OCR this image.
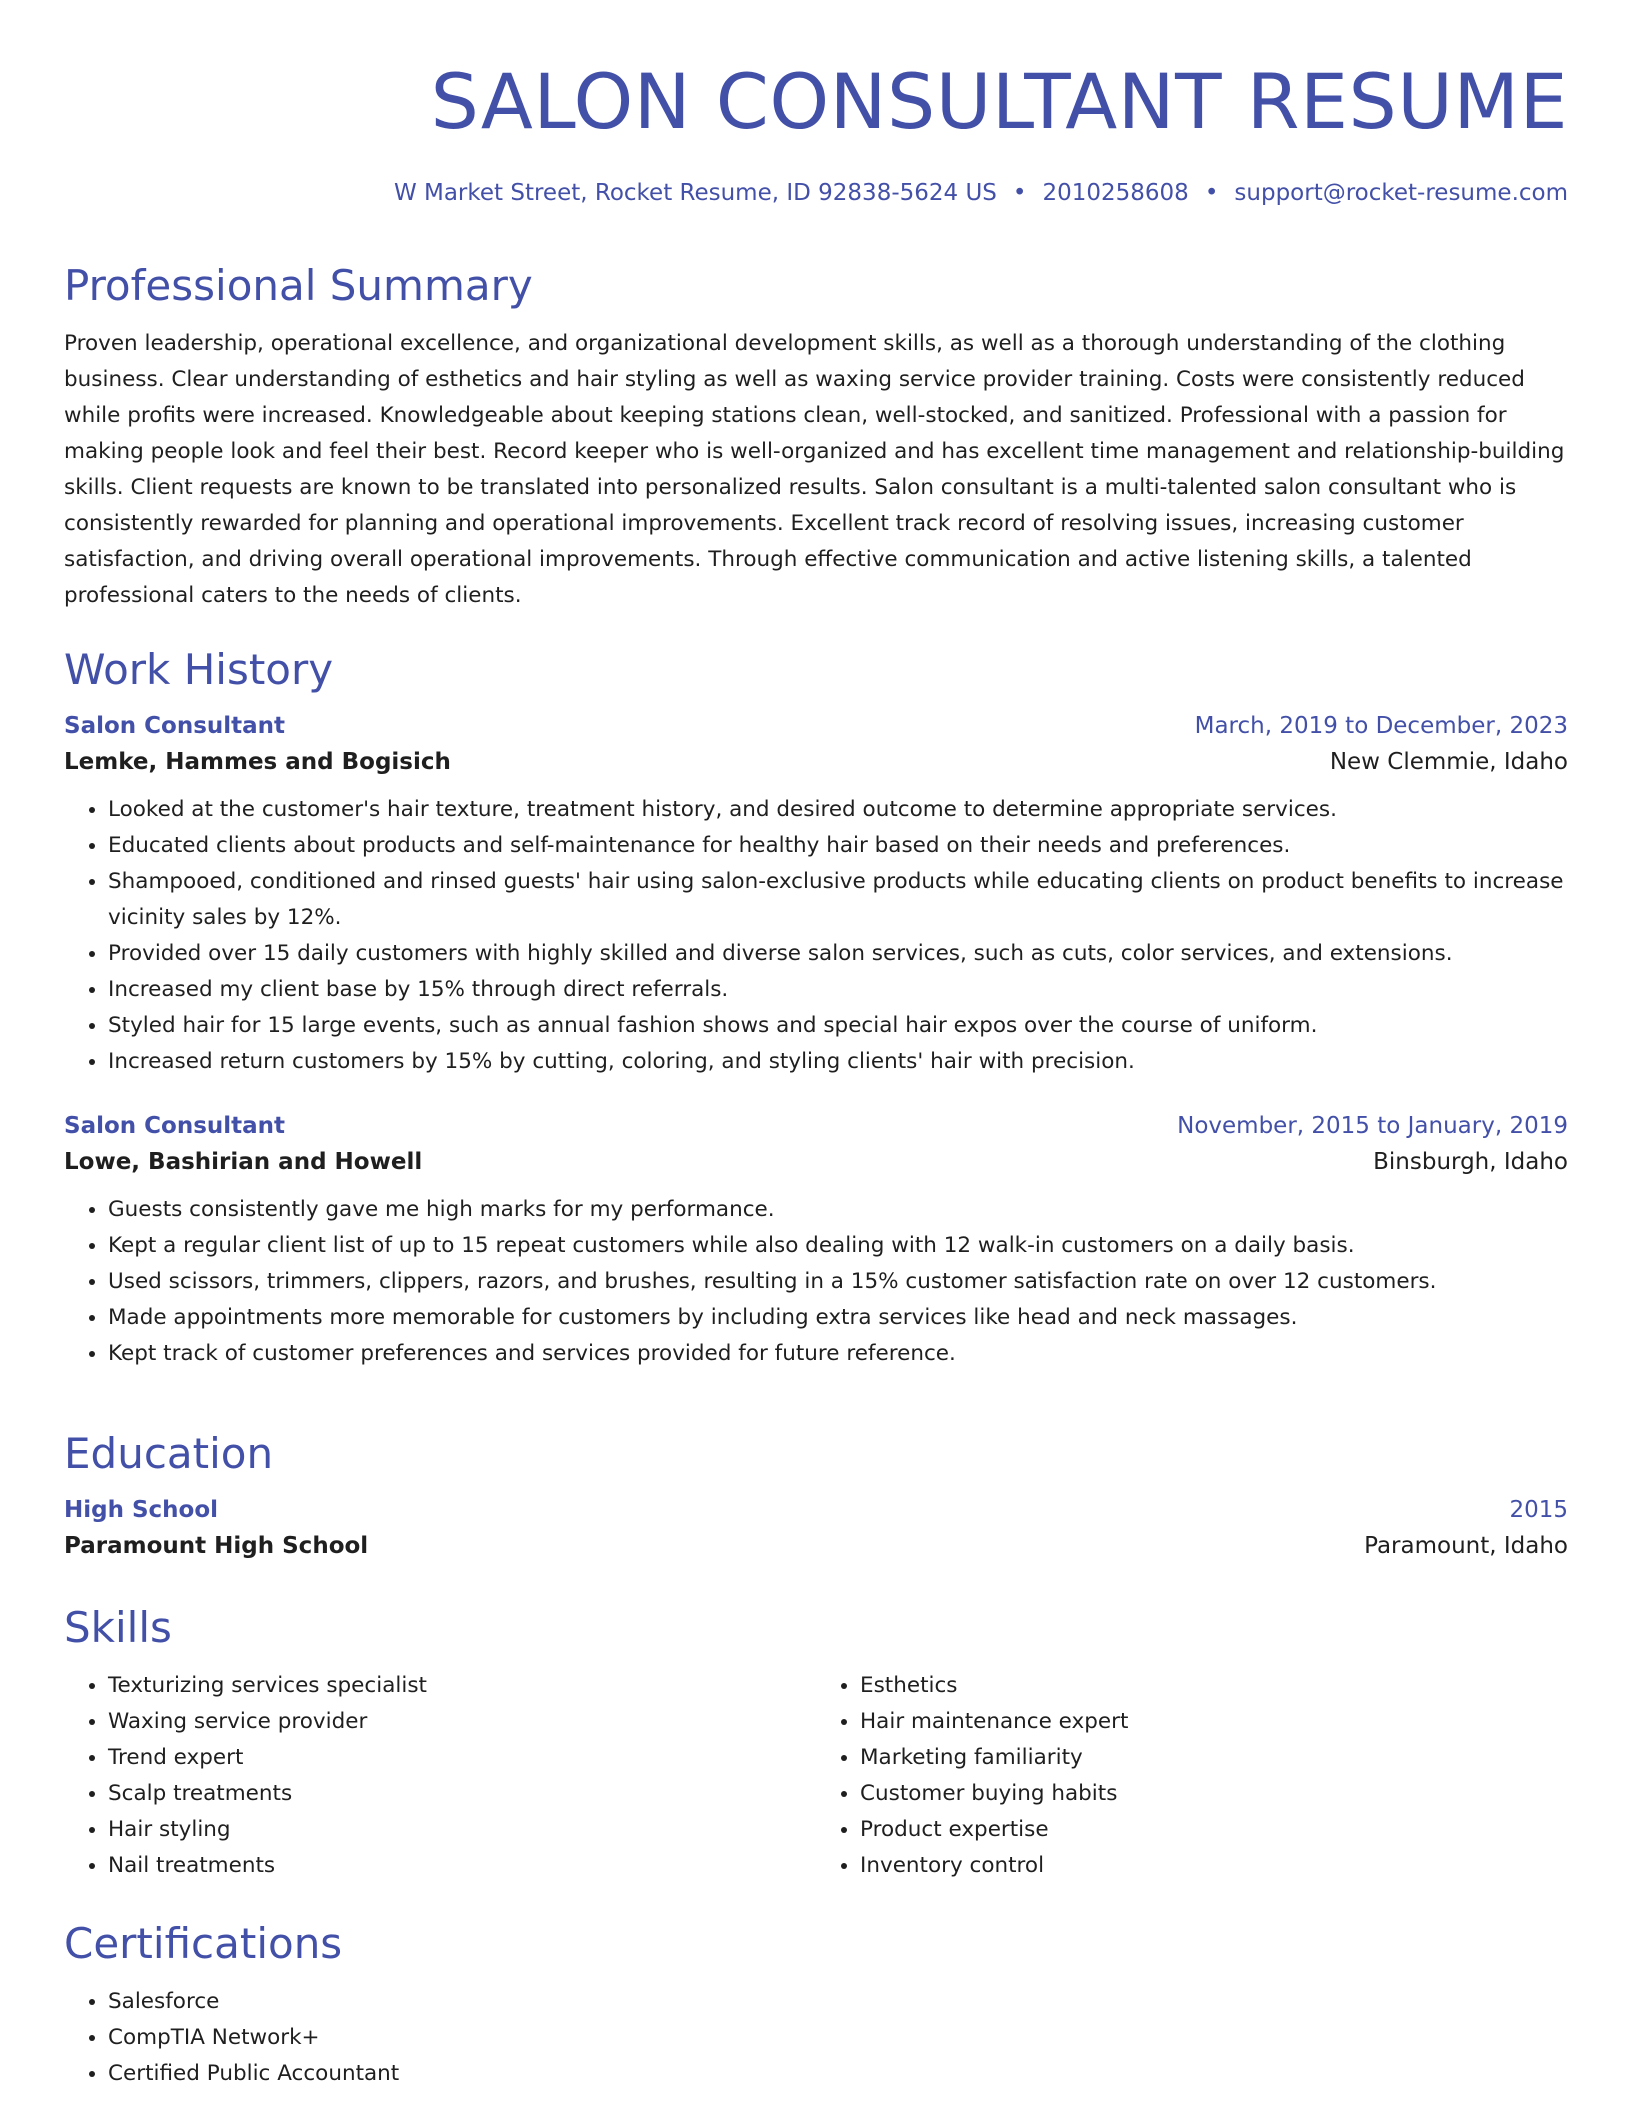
SALON CONSULTANT RESUME
W Market Street, Rocket Resume, ID 92838-5624 US • 2010258608 • support@rocket-resume.com
Professional Summary

Proven leadership, operational excellence, and organizational development skills, as well as a thorough understanding of the clothing business. Clear understanding of esthetics and hair styling as well as waxing service provider training. Costs were consistently reduced while profits were increased. Knowledgeable about keeping stations clean, well-stocked, and sanitized. Professional with a passion for making people look and feel their best. Record keeper who is well-organized and has excellent time management and relationship-building skills. Client requests are known to be translated into personalized results. Salon consultant is a multi-talented salon consultant who is consistently rewarded for planning and operational improvements. Excellent track record of resolving issues, increasing customer satisfaction, and driving overall operational improvements. Through effective communication and active listening skills, a talented professional caters to the needs of clients.

Work History
Salon Consultant	March, 2019 to December, 2023
Lemke, Hammes and Bogisich	New Clemmie, Idaho
• Looked at the customer's hair texture, treatment history, and desired outcome to determine appropriate services.
• Educated clients about products and self-maintenance for healthy hair based on their needs and preferences.
• Shampooed, conditioned and rinsed guests' hair using salon-exclusive products while educating clients on product benefits to increase vicinity sales by 12%.
• Provided over 15 daily customers with highly skilled and diverse salon services, such as cuts, color services, and extensions.
• Increased my client base by 15% through direct referrals.
• Styled hair for 15 large events, such as annual fashion shows and special hair expos over the course of uniform.
• Increased return customers by 15% by cutting, coloring, and styling clients' hair with precision.
Salon Consultant	November, 2015 to January, 2019
Lowe, Bashirian and Howell	Binsburgh, Idaho
• Guests consistently gave me high marks for my performance.
• Kept a regular client list of up to 15 repeat customers while also dealing with 12 walk-in customers on a daily basis.
• Used scissors, trimmers, clippers, razors, and brushes, resulting in a 15% customer satisfaction rate on over 12 customers.
• Made appointments more memorable for customers by including extra services like head and neck massages.
• Kept track of customer preferences and services provided for future reference.
Education
High School	2015
Paramount High School	Paramount, Idaho
Skills
• Texturizing services specialist
• Waxing service provider
• Trend expert
• Scalp treatments
• Hair styling
• Nail treatments
• Esthetics
• Hair maintenance expert
• Marketing familiarity
• Customer buying habits
• Product expertise
• Inventory control
Certifications
• Salesforce
• CompTIA Network+
• Certified Public Accountant
